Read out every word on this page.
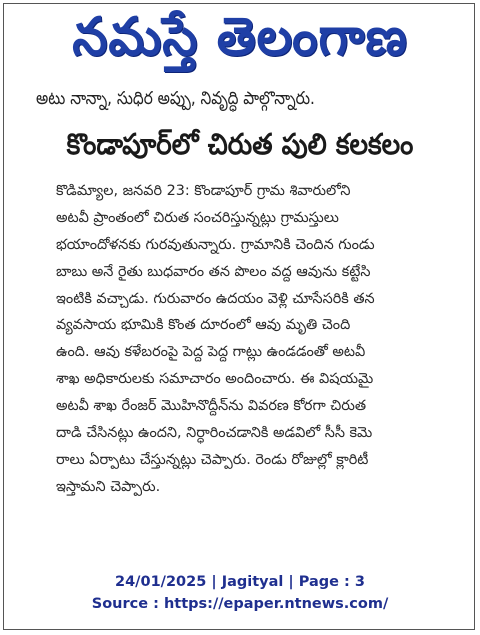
నమస్తే తెలంగాణ
అటు నాన్నా, సుధిర అప్పు, నివృద్ధి పాల్గొన్నారు.
కొండాపూర్‌లో చిరుత పులి కలకలం
కొడిమ్యాల, జనవరి 23: కొండాపూర్ గ్రామ శివారులోని
అటవీ ప్రాంతంలో చిరుత సంచరిస్తున్నట్లు గ్రామస్తులు
భయాందోళనకు గురవుతున్నారు. గ్రామానికి చెందిన గుండు
బాబు అనే రైతు బుధవారం తన పొలం వద్ద ఆవును కట్టేసి
ఇంటికి వచ్చాడు. గురువారం ఉదయం వెళ్లి చూసేసరికి తన
వ్యవసాయ భూమికి కొంత దూరంలో ఆవు మృతి చెంది
ఉంది. ఆవు కళేబరంపై పెద్ద పెద్ద గాట్లు ఉండడంతో అటవీ
శాఖ అధికారులకు సమాచారం అందించారు. ఈ విషయమై
అటవీ శాఖ రేంజర్ మొహినొద్దీన్‌ను వివరణ కోరగా చిరుత
దాడి చేసినట్లు ఉందని, నిర్ధారించడానికి అడవిలో సీసీ కెమె
రాలు ఏర్పాటు చేస్తున్నట్లు చెప్పారు. రెండు రోజుల్లో క్లారిటీ
ఇస్తామని చెప్పారు.
24/01/2025 | Jagityal | Page : 3
Source : https://epaper.ntnews.com/
